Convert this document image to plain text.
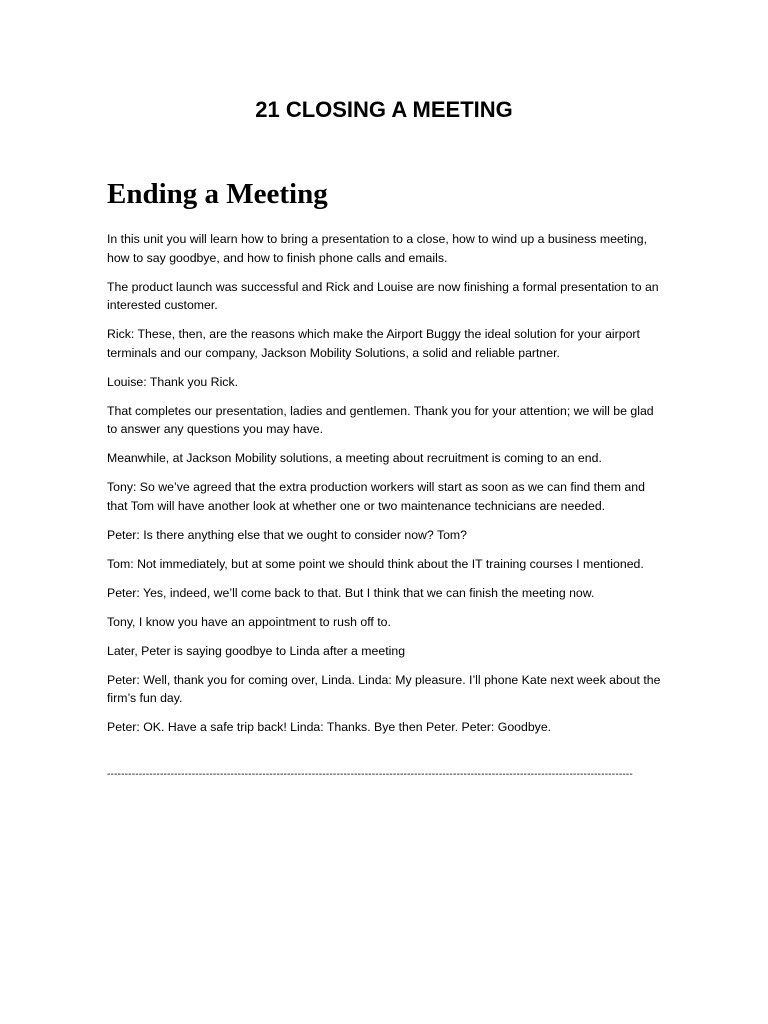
21 CLOSING A MEETING
Ending a Meeting

In this unit you will learn how to bring a presentation to a close, how to wind up a business meeting, how to say goodbye, and how to finish phone calls and emails.

The product launch was successful and Rick and Louise are now finishing a formal presentation to an interested customer.

Rick: These, then, are the reasons which make the Airport Buggy the ideal solution for your airport terminals and our company, Jackson Mobility Solutions, a solid and reliable partner.

Louise: Thank you Rick.

That completes our presentation, ladies and gentlemen. Thank you for your attention; we will be glad to answer any questions you may have.

Meanwhile, at Jackson Mobility solutions, a meeting about recruitment is coming to an end.

Tony: So we’ve agreed that the extra production workers will start as soon as we can find them and that Tom will have another look at whether one or two maintenance technicians are needed.

Peter: Is there anything else that we ought to consider now? Tom?

Tom: Not immediately, but at some point we should think about the IT training courses I mentioned.

Peter: Yes, indeed, we’ll come back to that. But I think that we can finish the meeting now.

Tony, I know you have an appointment to rush off to.

Later, Peter is saying goodbye to Linda after a meeting

Peter: Well, thank you for coming over, Linda. Linda: My pleasure. I’ll phone Kate next week about the firm’s fun day.

Peter: OK. Have a safe trip back! Linda: Thanks. Bye then Peter. Peter: Goodbye.

-----------------------------------------------------------------------------------------------------------------------------------------------------
